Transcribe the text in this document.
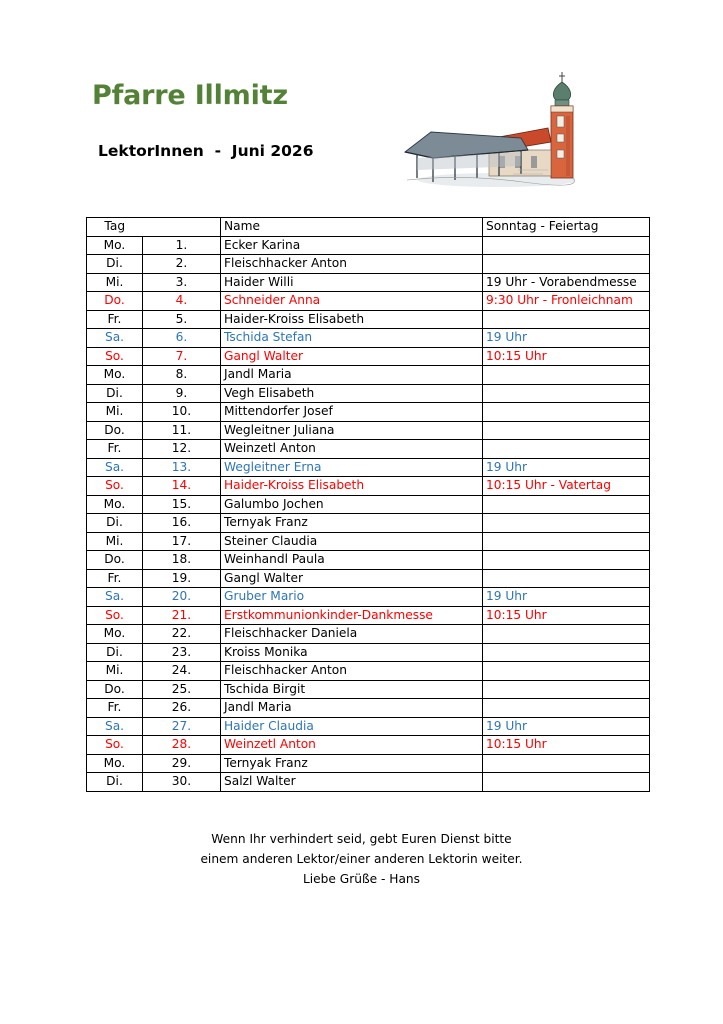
Pfarre Illmitz
LektorInnen  -  Juni 2026
Tag		Name	Sonntag - Feiertag
Mo.	1.	Ecker Karina	
Di.	2.	Fleischhacker Anton	
Mi.	3.	Haider Willi	19 Uhr - Vorabendmesse
Do.	4.	Schneider Anna	9:30 Uhr - Fronleichnam
Fr.	5.	Haider-Kroiss Elisabeth	
Sa.	6.	Tschida Stefan	19 Uhr
So.	7.	Gangl Walter	10:15 Uhr
Mo.	8.	Jandl Maria	
Di.	9.	Vegh Elisabeth	
Mi.	10.	Mittendorfer Josef	
Do.	11.	Wegleitner Juliana	
Fr.	12.	Weinzetl Anton	
Sa.	13.	Wegleitner Erna	19 Uhr
So.	14.	Haider-Kroiss Elisabeth	10:15 Uhr - Vatertag
Mo.	15.	Galumbo Jochen	
Di.	16.	Ternyak Franz	
Mi.	17.	Steiner Claudia	
Do.	18.	Weinhandl Paula	
Fr.	19.	Gangl Walter	
Sa.	20.	Gruber Mario	19 Uhr
So.	21.	Erstkommunionkinder-Dankmesse	10:15 Uhr
Mo.	22.	Fleischhacker Daniela	
Di.	23.	Kroiss Monika	
Mi.	24.	Fleischhacker Anton	
Do.	25.	Tschida Birgit	
Fr.	26.	Jandl Maria	
Sa.	27.	Haider Claudia	19 Uhr
So.	28.	Weinzetl Anton	10:15 Uhr
Mo.	29.	Ternyak Franz	
Di.	30.	Salzl Walter	
Wenn Ihr verhindert seid, gebt Euren Dienst bitte
einem anderen Lektor/einer anderen Lektorin weiter.
Liebe Grüße - Hans
